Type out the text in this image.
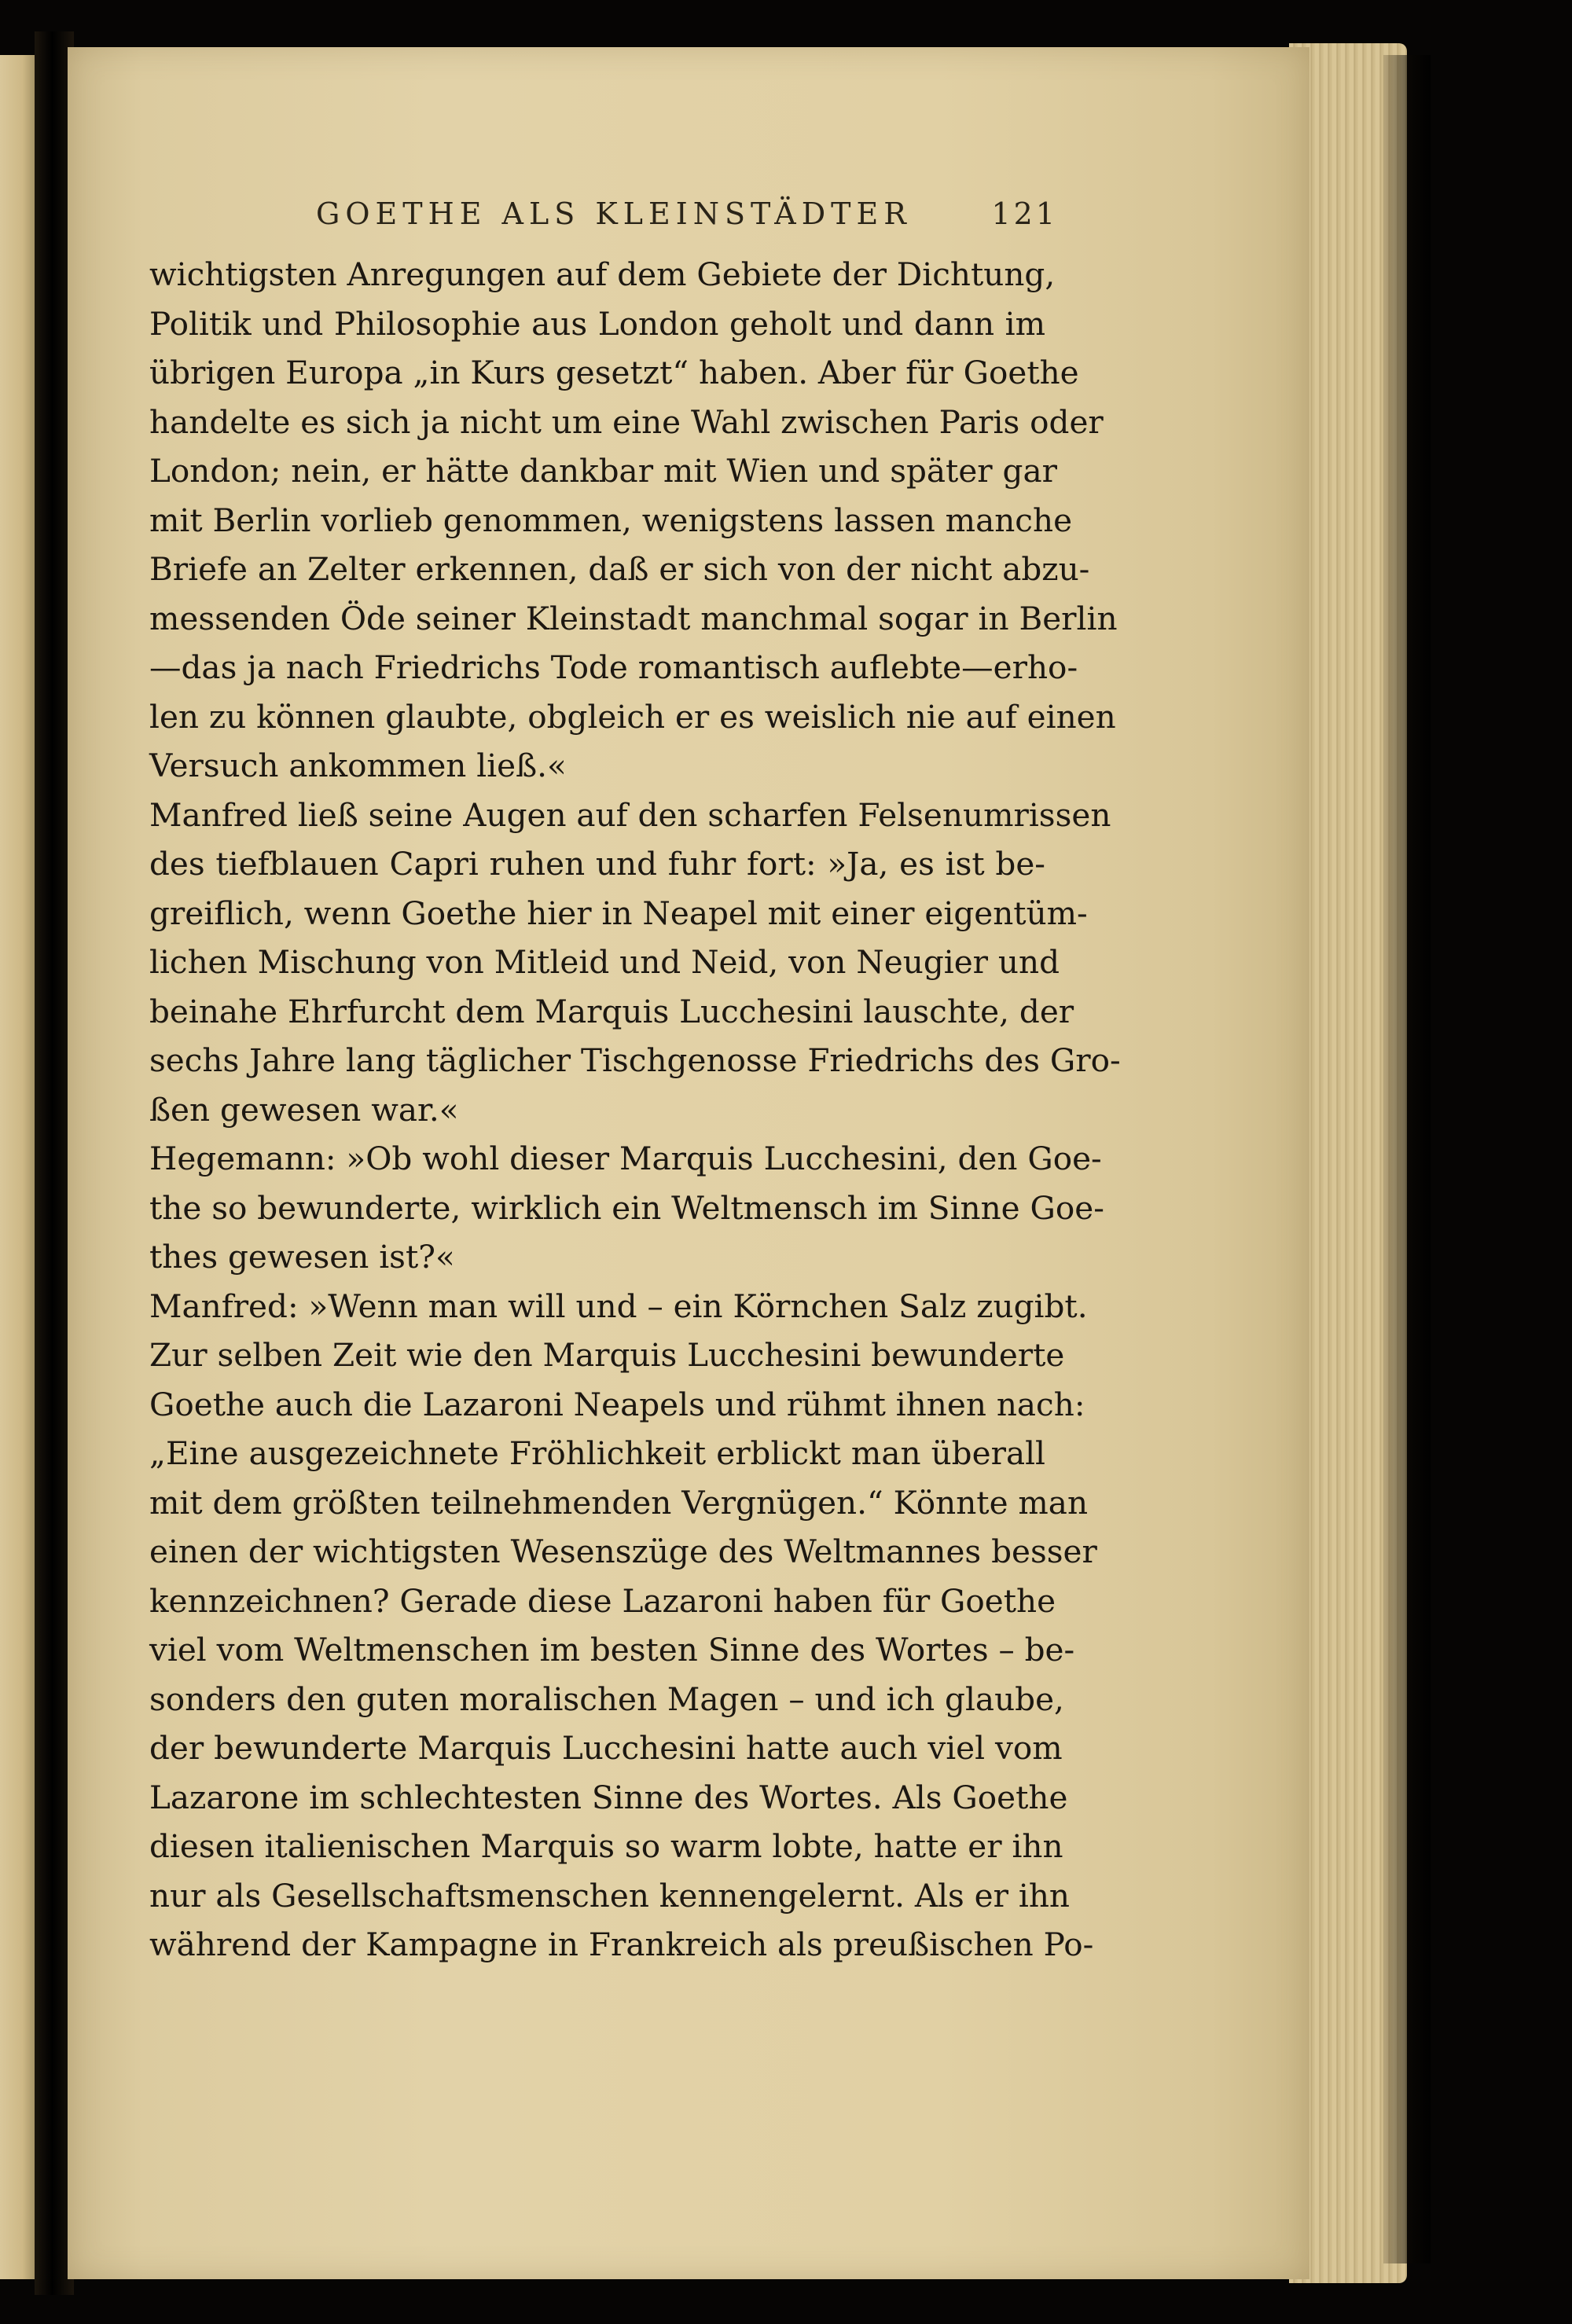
GOETHE ALS KLEINSTÄDTER	121
wichtigsten Anregungen auf dem Gebiete der Dichtung,
Politik und Philosophie aus London geholt und dann im
übrigen Europa „in Kurs gesetzt“ haben. Aber für Goethe
handelte es sich ja nicht um eine Wahl zwischen Paris oder
London; nein, er hätte dankbar mit Wien und später gar
mit Berlin vorlieb genommen, wenigstens lassen manche
Briefe an Zelter erkennen, daß er sich von der nicht abzu-
messenden Öde seiner Kleinstadt manchmal sogar in Berlin
—das ja nach Friedrichs Tode romantisch auflebte—erho-
len zu können glaubte, obgleich er es weislich nie auf einen
Versuch ankommen ließ.«
Manfred ließ seine Augen auf den scharfen Felsenumrissen
des tiefblauen Capri ruhen und fuhr fort: »Ja, es ist be-
greiflich, wenn Goethe hier in Neapel mit einer eigentüm-
lichen Mischung von Mitleid und Neid, von Neugier und
beinahe Ehrfurcht dem Marquis Lucchesini lauschte, der
sechs Jahre lang täglicher Tischgenosse Friedrichs des Gro-
ßen gewesen war.«
Hegemann: »Ob wohl dieser Marquis Lucchesini, den Goe-
the so bewunderte, wirklich ein Weltmensch im Sinne Goe-
thes gewesen ist?«
Manfred: »Wenn man will und – ein Körnchen Salz zugibt.
Zur selben Zeit wie den Marquis Lucchesini bewunderte
Goethe auch die Lazaroni Neapels und rühmt ihnen nach:
„Eine ausgezeichnete Fröhlichkeit erblickt man überall
mit dem größten teilnehmenden Vergnügen.“ Könnte man
einen der wichtigsten Wesenszüge des Weltmannes besser
kennzeichnen? Gerade diese Lazaroni haben für Goethe
viel vom Weltmenschen im besten Sinne des Wortes – be-
sonders den guten moralischen Magen – und ich glaube,
der bewunderte Marquis Lucchesini hatte auch viel vom
Lazarone im schlechtesten Sinne des Wortes. Als Goethe
diesen italienischen Marquis so warm lobte, hatte er ihn
nur als Gesellschaftsmenschen kennengelernt. Als er ihn
während der Kampagne in Frankreich als preußischen Po-
